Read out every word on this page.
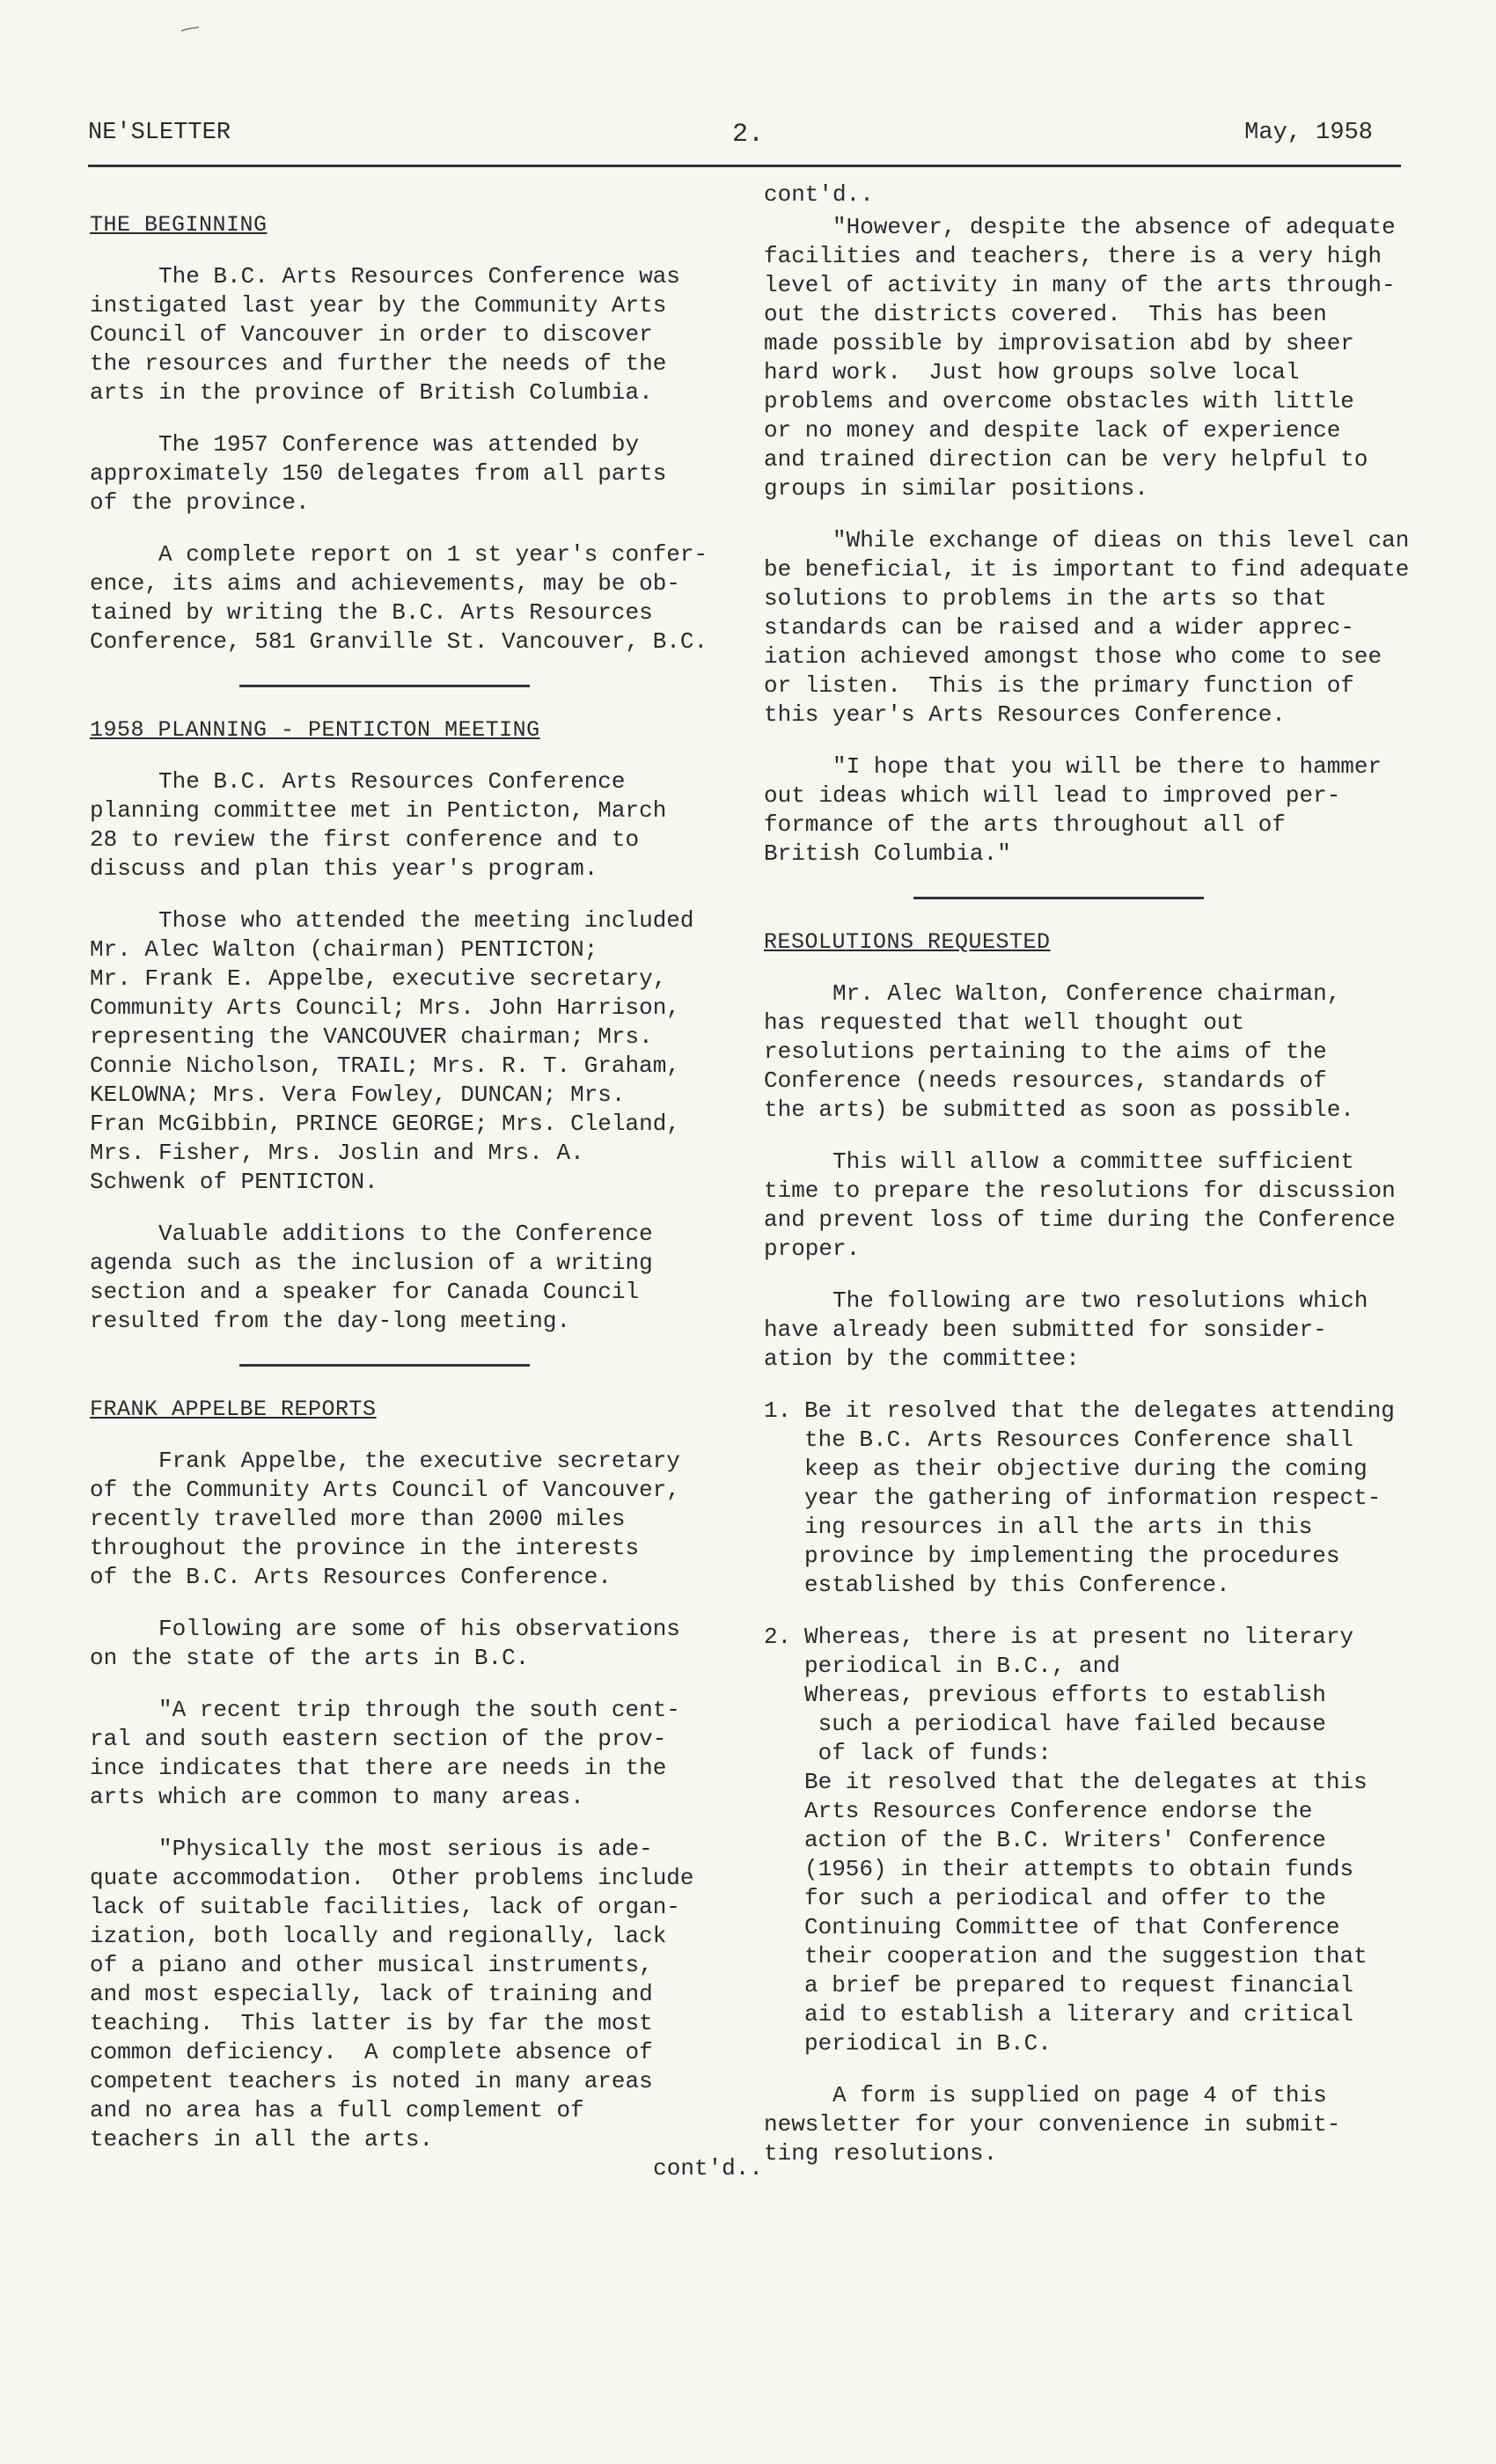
NE'SLETTER	2.	May, 1958

THE BEGINNING

The B.C. Arts Resources Conference was
instigated last year by the Community Arts
Council of Vancouver in order to discover
the resources and further the needs of the
arts in the province of British Columbia.

The 1957 Conference was attended by
approximately 150 delegates from all parts
of the province.

A complete report on 1 st year's confer-
ence, its aims and achievements, may be ob-
tained by writing the B.C. Arts Resources
Conference, 581 Granville St. Vancouver, B.C.

1958 PLANNING - PENTICTON MEETING

The B.C. Arts Resources Conference
planning committee met in Penticton, March
28 to review the first conference and to
discuss and plan this year's program.

Those who attended the meeting included
Mr. Alec Walton (chairman) PENTICTON;
Mr. Frank E. Appelbe, executive secretary,
Community Arts Council; Mrs. John Harrison,
representing the VANCOUVER chairman; Mrs.
Connie Nicholson, TRAIL; Mrs. R. T. Graham,
KELOWNA; Mrs. Vera Fowley, DUNCAN; Mrs.
Fran McGibbin, PRINCE GEORGE; Mrs. Cleland,
Mrs. Fisher, Mrs. Joslin and Mrs. A.
Schwenk of PENTICTON.

Valuable additions to the Conference
agenda such as the inclusion of a writing
section and a speaker for Canada Council
resulted from the day-long meeting.

FRANK APPELBE REPORTS

Frank Appelbe, the executive secretary
of the Community Arts Council of Vancouver,
recently travelled more than 2000 miles
throughout the province in the interests
of the B.C. Arts Resources Conference.

Following are some of his observations
on the state of the arts in B.C.

"A recent trip through the south cent-
ral and south eastern section of the prov-
ince indicates that there are needs in the
arts which are common to many areas.

"Physically the most serious is ade-
quate accommodation.  Other problems include
lack of suitable facilities, lack of organ-
ization, both locally and regionally, lack
of a piano and other musical instruments,
and most especially, lack of training and
teaching.  This latter is by far the most
common deficiency.  A complete absence of
competent teachers is noted in many areas
and no area has a full complement of
teachers in all the arts.

cont'd..

cont'd..

"However, despite the absence of adequate
facilities and teachers, there is a very high
level of activity in many of the arts through-
out the districts covered.  This has been
made possible by improvisation abd by sheer
hard work.  Just how groups solve local
problems and overcome obstacles with little
or no money and despite lack of experience
and trained direction can be very helpful to
groups in similar positions.

"While exchange of dieas on this level can
be beneficial, it is important to find adequate
solutions to problems in the arts so that
standards can be raised and a wider apprec-
iation achieved amongst those who come to see
or listen.  This is the primary function of
this year's Arts Resources Conference.

"I hope that you will be there to hammer
out ideas which will lead to improved per-
formance of the arts throughout all of
British Columbia."

RESOLUTIONS REQUESTED

Mr. Alec Walton, Conference chairman,
has requested that well thought out
resolutions pertaining to the aims of the
Conference (needs resources, standards of
the arts) be submitted as soon as possible.

This will allow a committee sufficient
time to prepare the resolutions for discussion
and prevent loss of time during the Conference
proper.

The following are two resolutions which
have already been submitted for sonsider-
ation by the committee:

1. Be it resolved that the delegates attending
the B.C. Arts Resources Conference shall
keep as their objective during the coming
year the gathering of information respect-
ing resources in all the arts in this
province by implementing the procedures
established by this Conference.
2. Whereas, there is at present no literary
periodical in B.C., and
Whereas, previous efforts to establish
such a periodical have failed because
of lack of funds:
Be it resolved that the delegates at this
Arts Resources Conference endorse the
action of the B.C. Writers' Conference
(1956) in their attempts to obtain funds
for such a periodical and offer to the
Continuing Committee of that Conference
their cooperation and the suggestion that
a brief be prepared to request financial
aid to establish a literary and critical
periodical in B.C.

A form is supplied on page 4 of this
newsletter for your convenience in submit-
ting resolutions.
